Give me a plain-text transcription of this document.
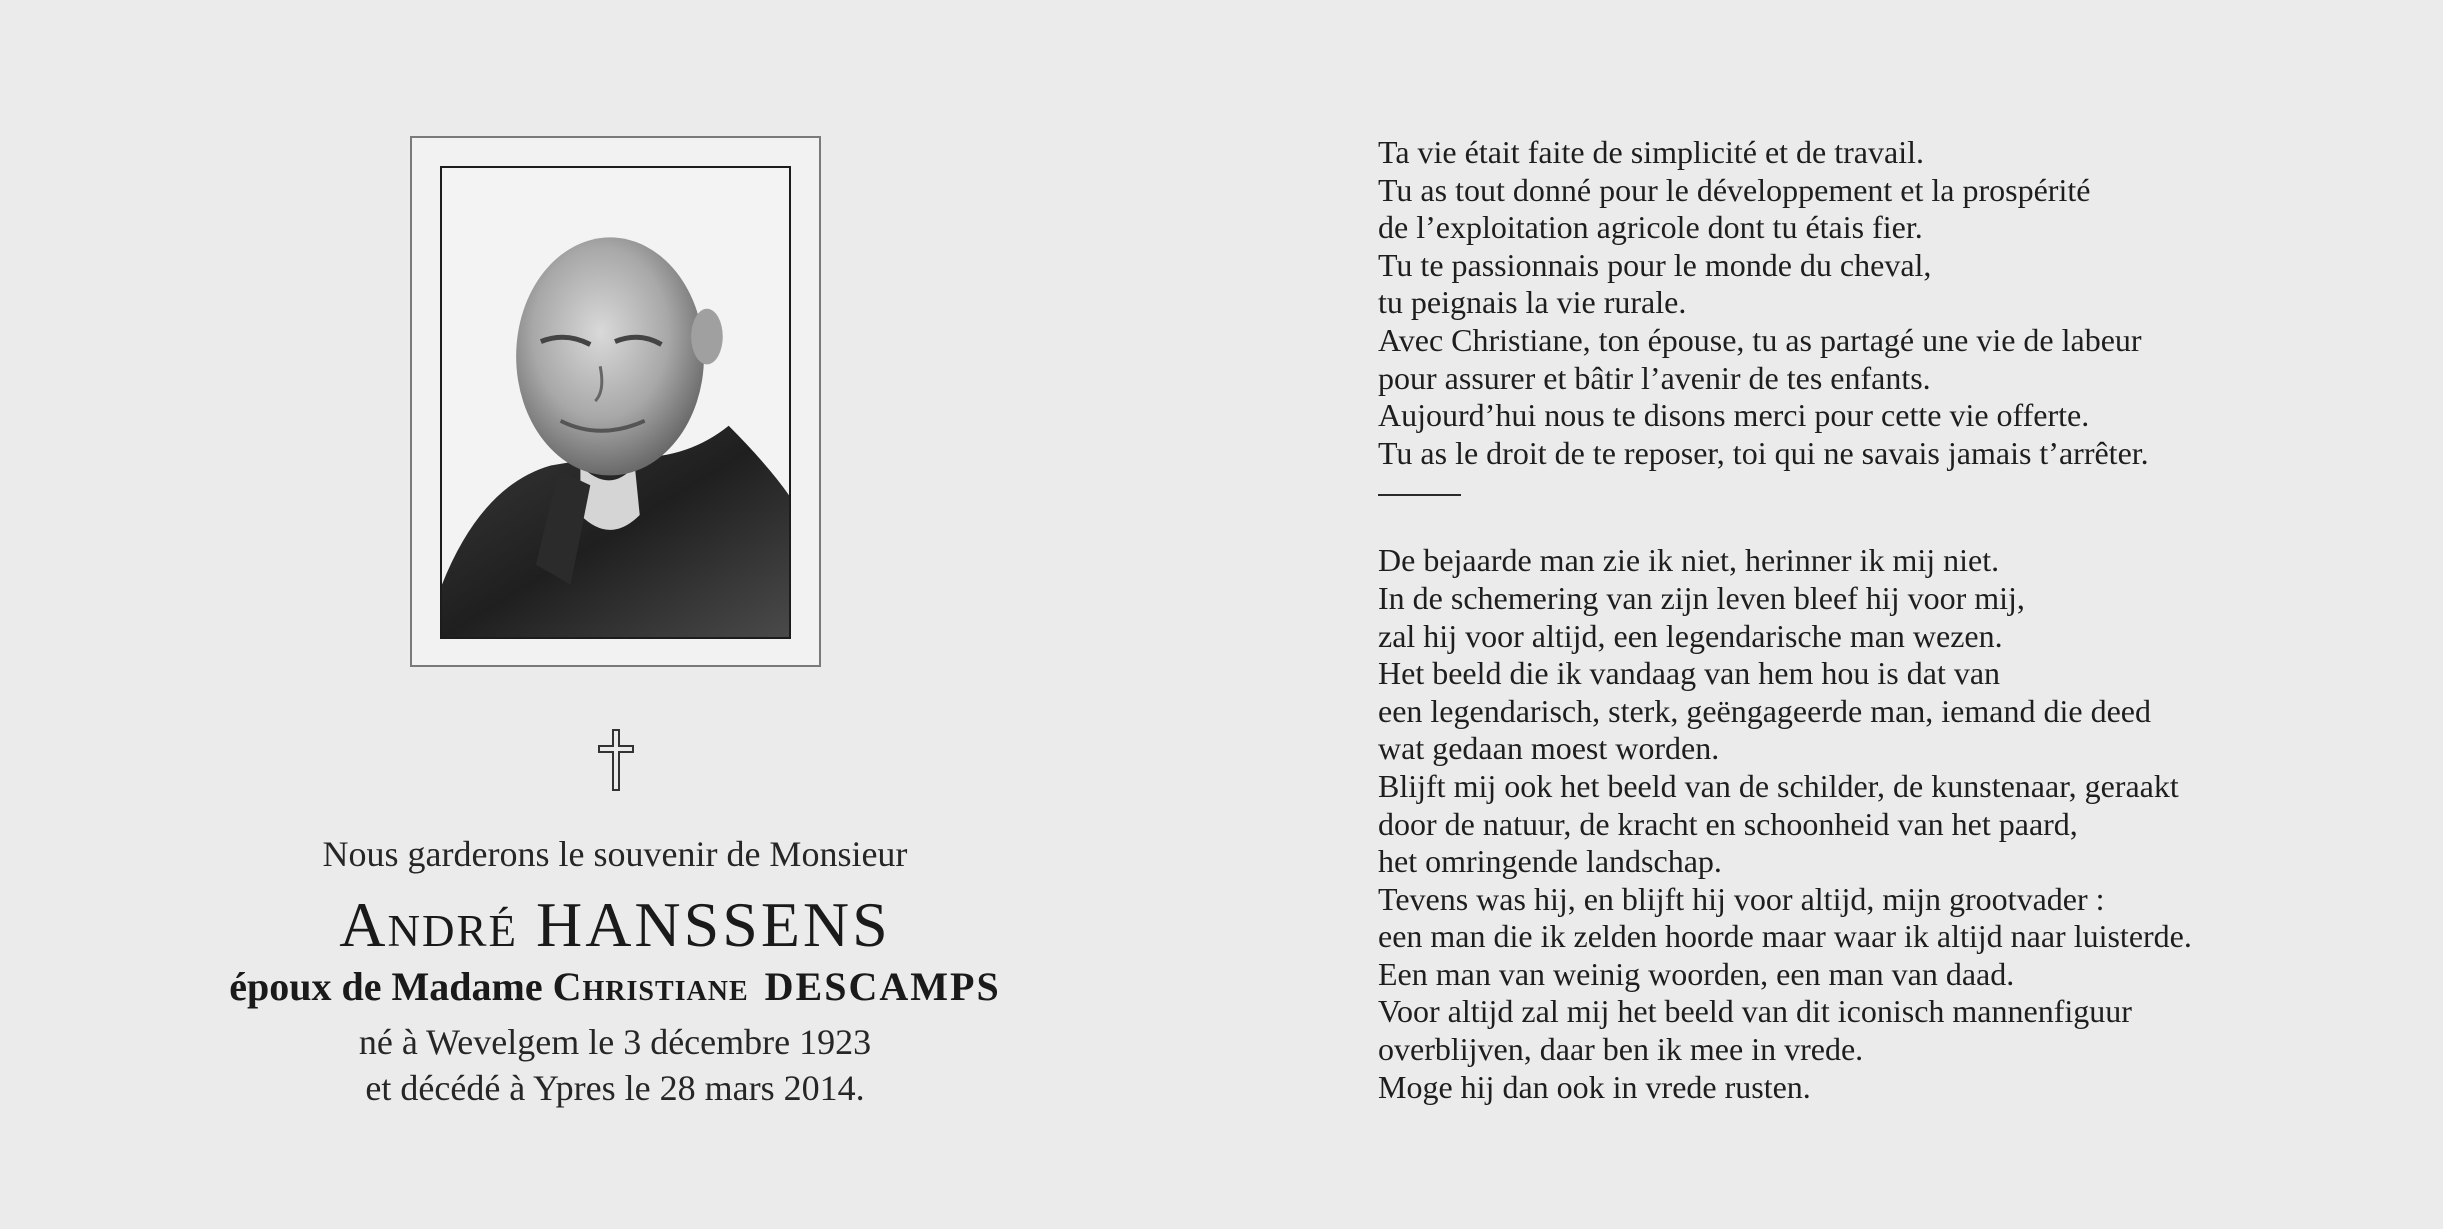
Nous garderons le souvenir de Monsieur
André HANSSENS
époux de Madame Christiane DESCAMPS
né à Wevelgem le 3 décembre 1923
et décédé à Ypres le 28 mars 2014.
Ta vie était faite de simplicité et de travail.
Tu as tout donné pour le développement et la prospérité
de l’exploitation agricole dont tu étais fier.
Tu te passionnais pour le monde du cheval,
tu peignais la vie rurale.
Avec Christiane, ton épouse, tu as partagé une vie de labeur
pour assurer et bâtir l’avenir de tes enfants.
Aujourd’hui nous te disons merci pour cette vie offerte.
Tu as le droit de te reposer, toi qui ne savais jamais t’arrêter.
De bejaarde man zie ik niet, herinner ik mij niet.
In de schemering van zijn leven bleef hij voor mij,
zal hij voor altijd, een legendarische man wezen.
Het beeld die ik vandaag van hem hou is dat van
een legendarisch, sterk, geëngageerde man, iemand die deed
wat gedaan moest worden.
Blijft mij ook het beeld van de schilder, de kunstenaar, geraakt
door de natuur, de kracht en schoonheid van het paard,
het omringende landschap.
Tevens was hij, en blijft hij voor altijd, mijn grootvader :
een man die ik zelden hoorde maar waar ik altijd naar luisterde.
Een man van weinig woorden, een man van daad.
Voor altijd zal mij het beeld van dit iconisch mannenfiguur
overblijven, daar ben ik mee in vrede.
Moge hij dan ook in vrede rusten.
